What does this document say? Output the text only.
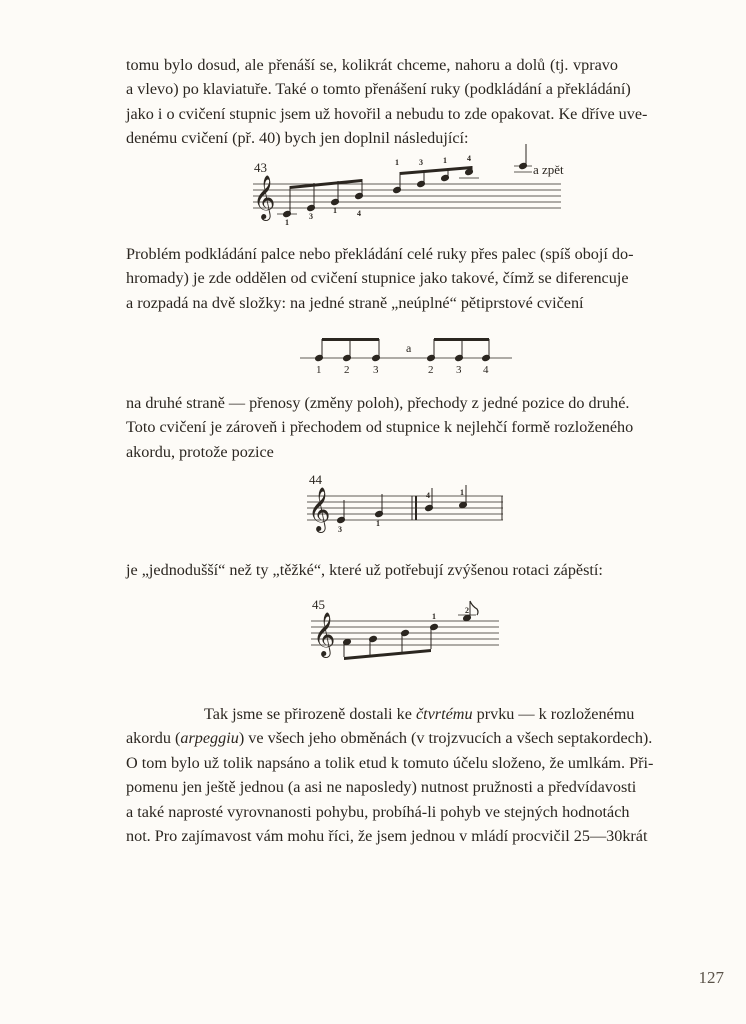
tomu bylo dosud, ale přenáší se, kolikrát chceme, nahoru a dolů (tj. vpravo
a vlevo) po klaviatuře. Také o tomto přenášení ruky (podkládání a překládání)
jako i o cvičení stupnic jsem už hovořil a nebudu to zde opakovat. Ke dříve uve-
denému cvičení (př. 40) bych jen doplnil následující:
43	a zpět
𝄞
1
3
1	4
1	3	1	4
Problém podkládání palce nebo překládání celé ruky přes palec (spíš obojí do-
hromady) je zde oddělen od cvičení stupnice jako takové, čímž se diferencuje
a rozpadá na dvě složky: na jedné straně „neúplné“ pětiprstové cvičení
a
1 2 3	2 3 4
na druhé straně — přenosy (změny poloh), přechody z jedné pozice do druhé.
Toto cvičení je zároveň i přechodem od stupnice k nejlehčí formě rozloženého
akordu, protože pozice
44
𝄞 3
1
4	1
je „jednodušší“ než ty „těžké“, které už potřebují zvýšenou rotaci zápěstí:
45
𝄞	1
2
Tak jsme se přirozeně dostali ke čtvrtému prvku — k rozloženému
akordu (arpeggiu) ve všech jeho obměnách (v trojzvucích a všech septakordech).
O tom bylo už tolik napsáno a tolik etud k tomuto účelu složeno, že umlkám. Při-
pomenu jen ještě jednou (a asi ne naposledy) nutnost pružnosti a předvídavosti
a také naprosté vyrovnanosti pohybu, probíhá-li pohyb ve stejných hodnotách
not. Pro zajímavost vám mohu říci, že jsem jednou v mládí procvičil 25—30krát
127
